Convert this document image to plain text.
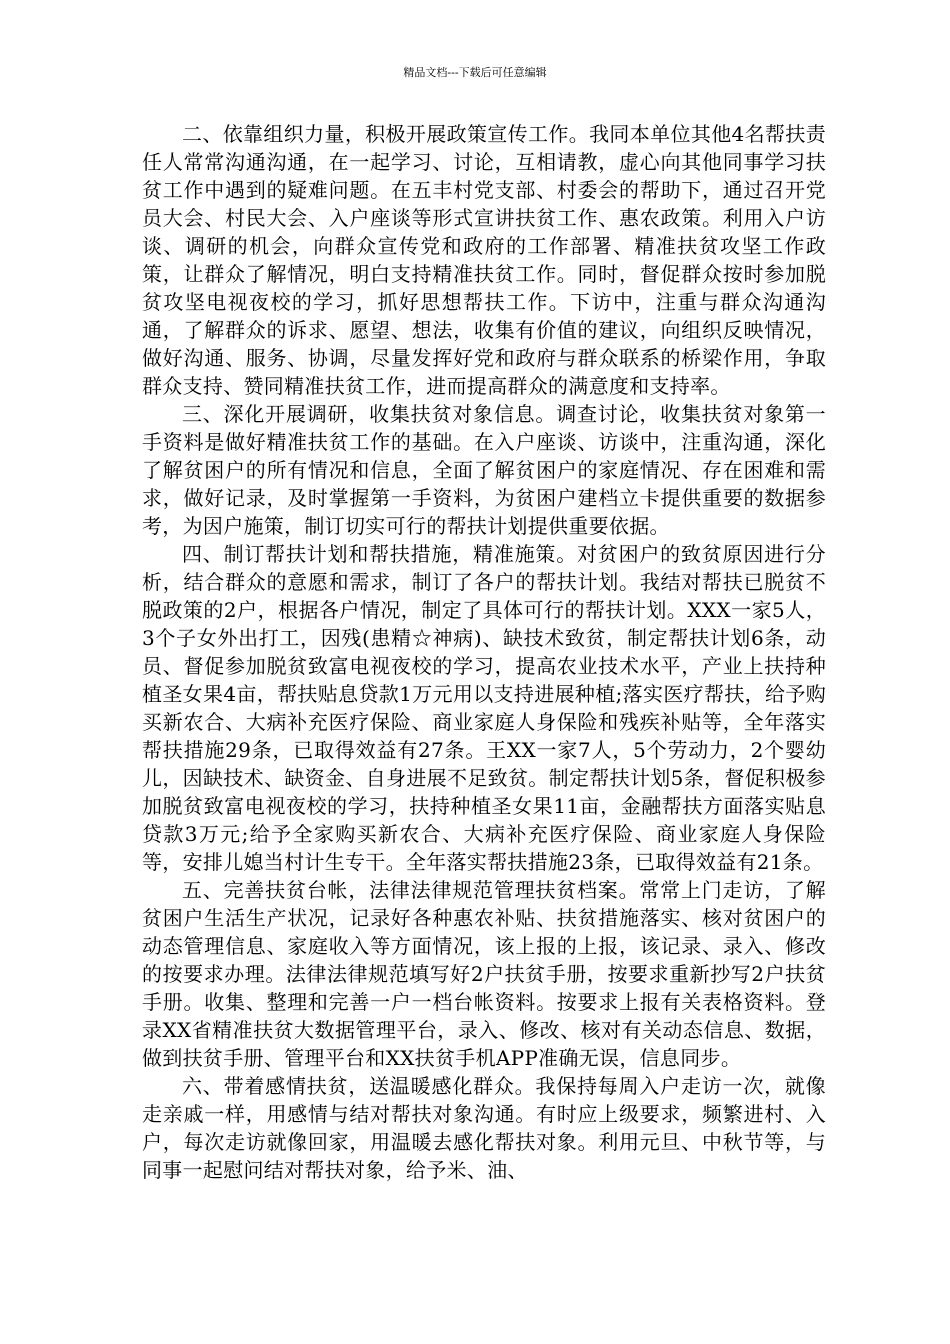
精品文档---下载后可任意编辑

二、依靠组织力量，积极开展政策宣传工作。我同本单位其他4名帮扶责任人常常沟通沟通，在一起学习、讨论，互相请教，虚心向其他同事学习扶贫工作中遇到的疑难问题。在五丰村党支部、村委会的帮助下，通过召开党员大会、村民大会、入户座谈等形式宣讲扶贫工作、惠农政策。利用入户访谈、调研的机会，向群众宣传党和政府的工作部署、精准扶贫攻坚工作政策，让群众了解情况，明白支持精准扶贫工作。同时，督促群众按时参加脱贫攻坚电视夜校的学习，抓好思想帮扶工作。下访中，注重与群众沟通沟通，了解群众的诉求、愿望、想法，收集有价值的建议，向组织反映情况，做好沟通、服务、协调，尽量发挥好党和政府与群众联系的桥梁作用，争取群众支持、赞同精准扶贫工作，进而提高群众的满意度和支持率。

三、深化开展调研，收集扶贫对象信息。调查讨论，收集扶贫对象第一手资料是做好精准扶贫工作的基础。在入户座谈、访谈中，注重沟通，深化了解贫困户的所有情况和信息，全面了解贫困户的家庭情况、存在困难和需求，做好记录，及时掌握第一手资料，为贫困户建档立卡提供重要的数据参考，为因户施策，制订切实可行的帮扶计划提供重要依据。

四、制订帮扶计划和帮扶措施，精准施策。对贫困户的致贫原因进行分析，结合群众的意愿和需求，制订了各户的帮扶计划。我结对帮扶已脱贫不脱政策的2户，根据各户情况，制定了具体可行的帮扶计划。XXX一家5人，3个子女外出打工，因残(患精☆神病)、缺技术致贫，制定帮扶计划6条，动员、督促参加脱贫致富电视夜校的学习，提高农业技术水平，产业上扶持种植圣女果4亩，帮扶贴息贷款1万元用以支持进展种植;落实医疗帮扶，给予购买新农合、大病补充医疗保险、商业家庭人身保险和残疾补贴等，全年落实帮扶措施29条，已取得效益有27条。王XX一家7人，5个劳动力，2个婴幼儿，因缺技术、缺资金、自身进展不足致贫。制定帮扶计划5条，督促积极参加脱贫致富电视夜校的学习，扶持种植圣女果11亩，金融帮扶方面落实贴息贷款3万元;给予全家购买新农合、大病补充医疗保险、商业家庭人身保险等，安排儿媳当村计生专干。全年落实帮扶措施23条，已取得效益有21条。

五、完善扶贫台帐，法律法律规范管理扶贫档案。常常上门走访，了解贫困户生活生产状况，记录好各种惠农补贴、扶贫措施落实、核对贫困户的动态管理信息、家庭收入等方面情况，该上报的上报，该记录、录入、修改的按要求办理。法律法律规范填写好2户扶贫手册，按要求重新抄写2户扶贫手册。收集、整理和完善一户一档台帐资料。按要求上报有关表格资料。登录XX省精准扶贫大数据管理平台，录入、修改、核对有关动态信息、数据，做到扶贫手册、管理平台和XX扶贫手机APP准确无误，信息同步。

六、带着感情扶贫，送温暖感化群众。我保持每周入户走访一次，就像走亲戚一样，用感情与结对帮扶对象沟通。有时应上级要求，频繁进村、入户，每次走访就像回家，用温暖去感化帮扶对象。利用元旦、中秋节等，与同事一起慰问结对帮扶对象，给予米、油、
